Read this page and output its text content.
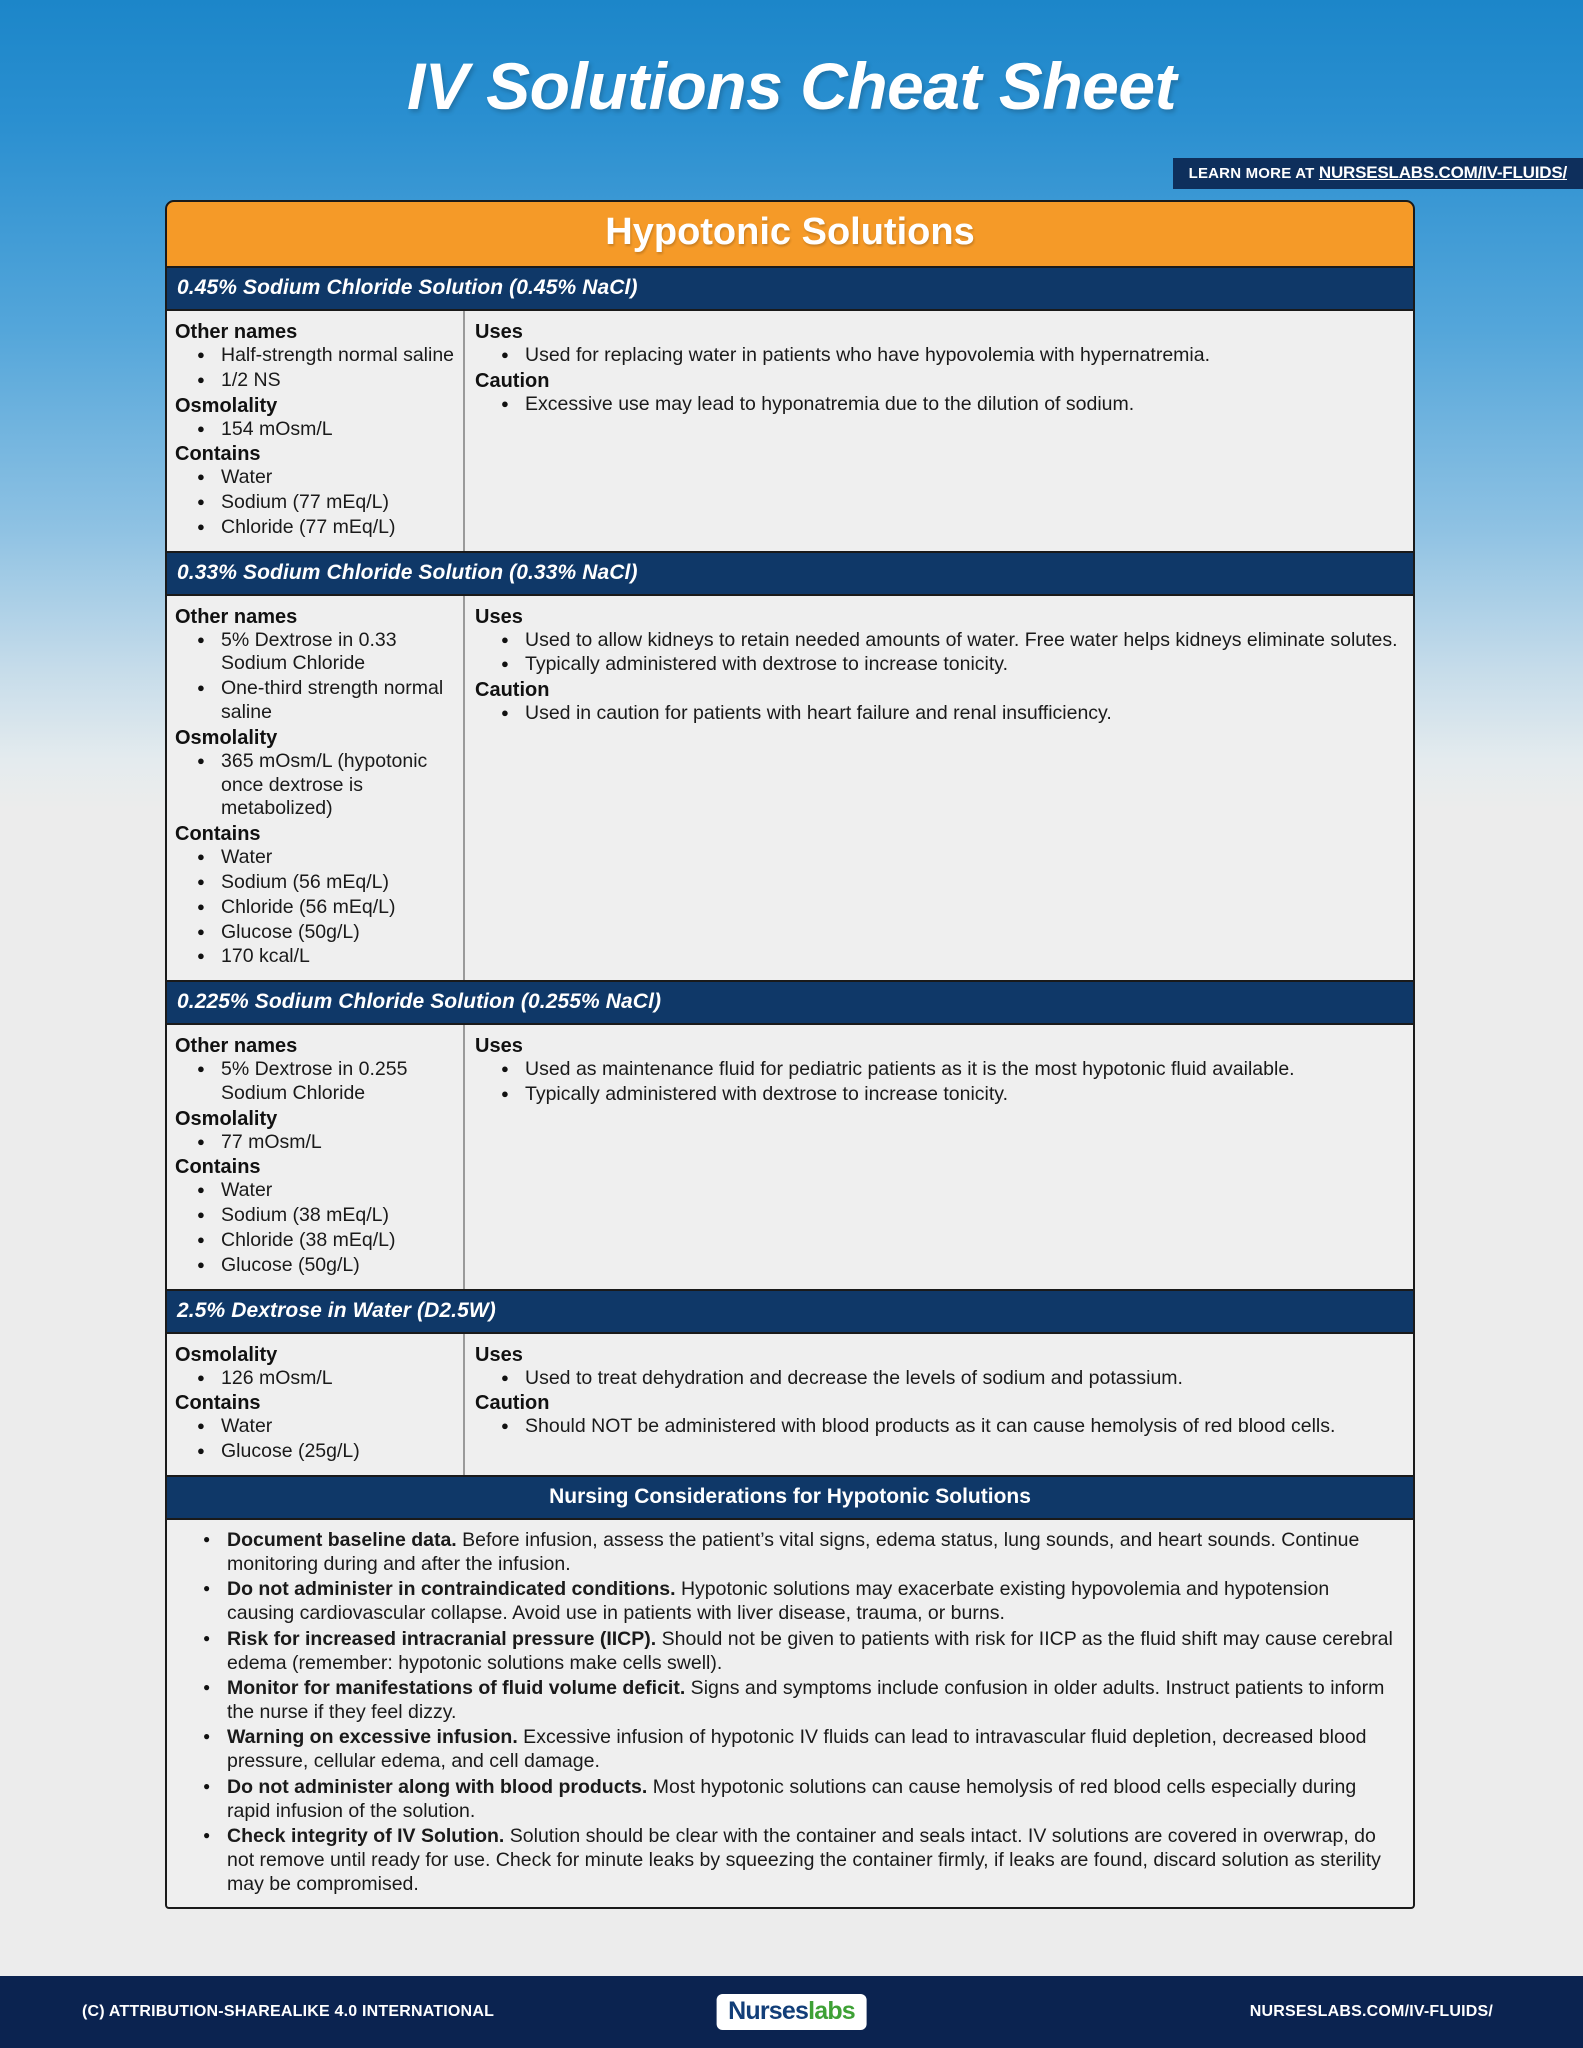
IV Solutions Cheat Sheet
LEARN MORE AT NURSESLABS.COM/IV-FLUIDS/
Hypotonic Solutions
0.45% Sodium Chloride Solution (0.45% NaCl)
Other names
● Half-strength normal saline
● 1/2 NS
Osmolality
● 154 mOsm/L
Contains
● Water
● Sodium (77 mEq/L)
● Chloride (77 mEq/L)
Uses
● Used for replacing water in patients who have hypovolemia with hypernatremia.
Caution
● Excessive use may lead to hyponatremia due to the dilution of sodium.
0.33% Sodium Chloride Solution (0.33% NaCl)
Other names
● 5% Dextrose in 0.33 Sodium Chloride
● One-third strength normal saline
Osmolality
● 365 mOsm/L (hypotonic once dextrose is metabolized)
Contains
● Water
● Sodium (56 mEq/L)
● Chloride (56 mEq/L)
● Glucose (50g/L)
● 170 kcal/L
Uses
● Used to allow kidneys to retain needed amounts of water. Free water helps kidneys eliminate solutes.
● Typically administered with dextrose to increase tonicity.
Caution
● Used in caution for patients with heart failure and renal insufficiency.
0.225% Sodium Chloride Solution (0.255% NaCl)
Other names
● 5% Dextrose in 0.255 Sodium Chloride
Osmolality
● 77 mOsm/L
Contains
● Water
● Sodium (38 mEq/L)
● Chloride (38 mEq/L)
● Glucose (50g/L)
Uses
● Used as maintenance fluid for pediatric patients as it is the most hypotonic fluid available.
● Typically administered with dextrose to increase tonicity.
2.5% Dextrose in Water (D2.5W)
Osmolality
● 126 mOsm/L
Contains
● Water
● Glucose (25g/L)
Uses
● Used to treat dehydration and decrease the levels of sodium and potassium.
Caution
● Should NOT be administered with blood products as it can cause hemolysis of red blood cells.
Nursing Considerations for Hypotonic Solutions
● Document baseline data. Before infusion, assess the patient’s vital signs, edema status, lung sounds, and heart sounds. Continue monitoring during and after the infusion.
● Do not administer in contraindicated conditions. Hypotonic solutions may exacerbate existing hypovolemia and hypotension causing cardiovascular collapse. Avoid use in patients with liver disease, trauma, or burns.
● Risk for increased intracranial pressure (IICP). Should not be given to patients with risk for IICP as the fluid shift may cause cerebral edema (remember: hypotonic solutions make cells swell).
● Monitor for manifestations of fluid volume deficit. Signs and symptoms include confusion in older adults. Instruct patients to inform the nurse if they feel dizzy.
● Warning on excessive infusion. Excessive infusion of hypotonic IV fluids can lead to intravascular fluid depletion, decreased blood pressure, cellular edema, and cell damage.
● Do not administer along with blood products. Most hypotonic solutions can cause hemolysis of red blood cells especially during rapid infusion of the solution.
● Check integrity of IV Solution. Solution should be clear with the container and seals intact. IV solutions are covered in overwrap, do not remove until ready for use. Check for minute leaks by squeezing the container firmly, if leaks are found, discard solution as sterility may be compromised.
(C) ATTRIBUTION-SHAREALIKE 4.0 INTERNATIONAL	Nurseslabs	NURSESLABS.COM/IV-FLUIDS/
